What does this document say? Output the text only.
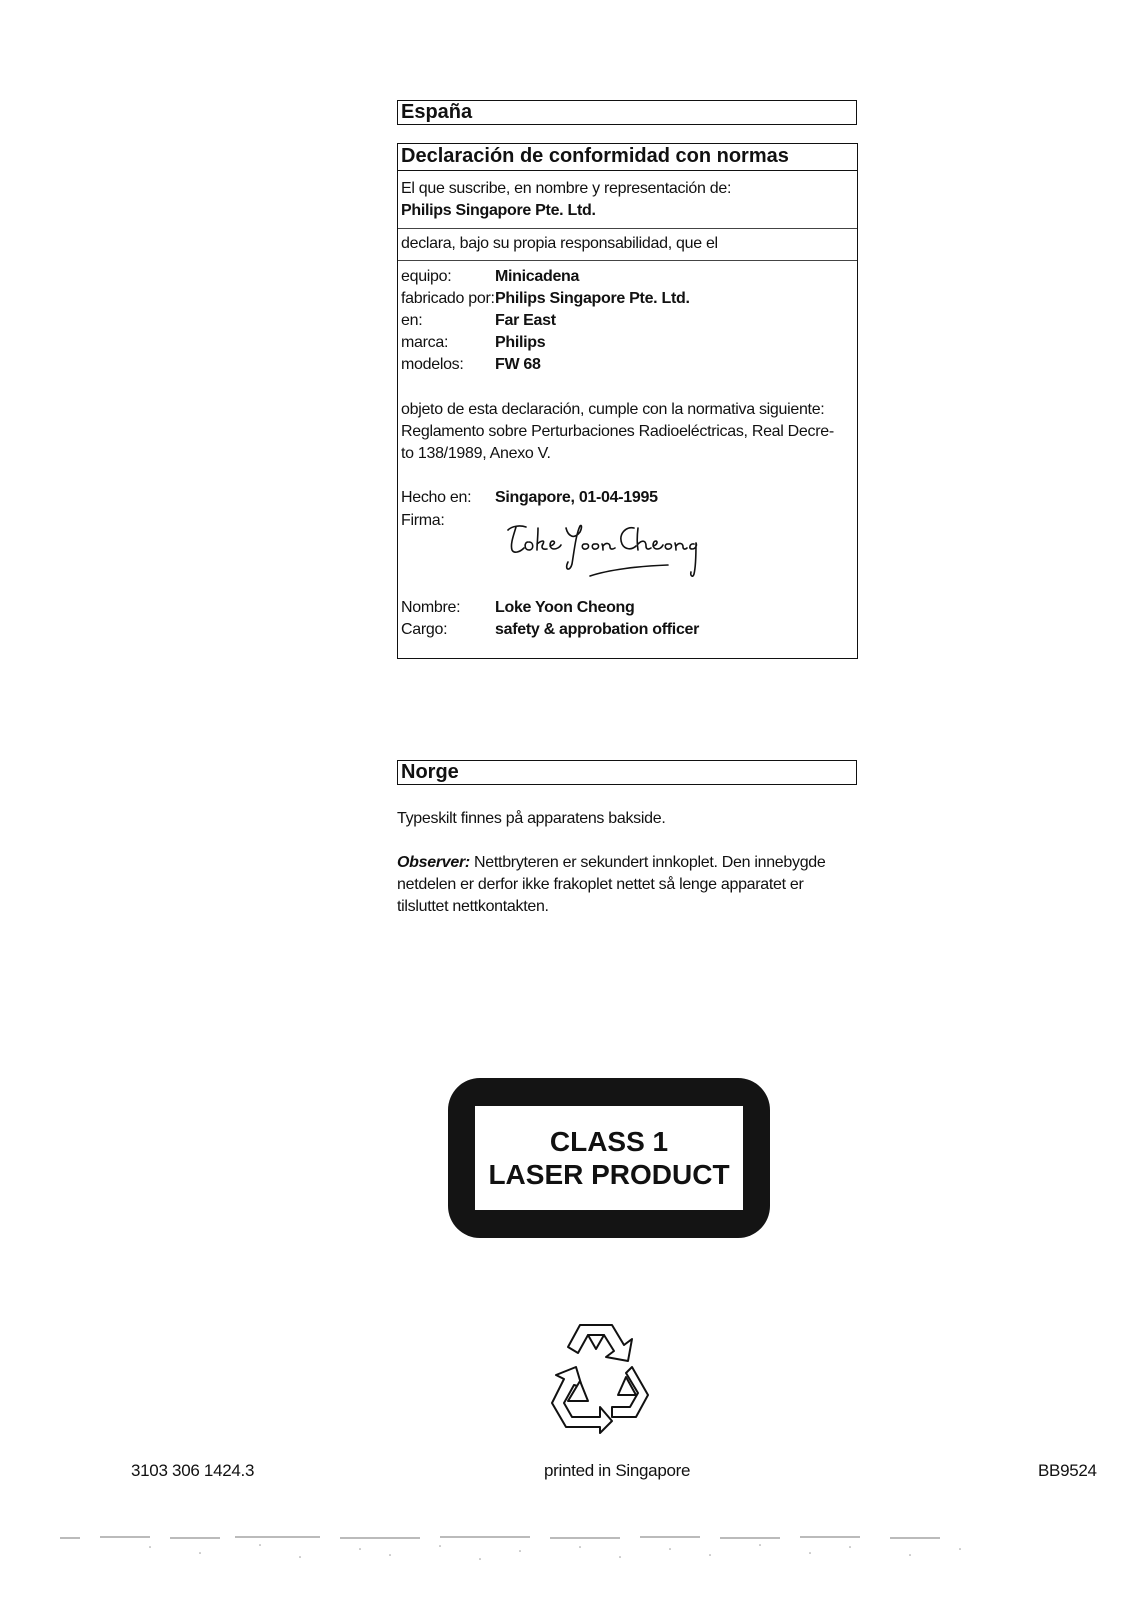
España
Declaración de conformidad con normas
El que suscribe, en nombre y representación de:
Philips Singapore Pte. Ltd.
declara, bajo su propia responsabilidad, que el
equipo:	Minicadena
fabricado por: Philips Singapore Pte. Ltd.
en:	Far East
marca:	Philips
modelos: FW 68
objeto de esta declaración, cumple con la normativa siguiente:
Reglamento sobre Perturbaciones Radioeléctricas, Real Decre-
to 138/1989, Anexo V.
Hecho en: Singapore, 01-04-1995
Firma:
Nombre: Loke Yoon Cheong
Cargo:	safety & approbation officer
Norge
Typeskilt finnes på apparatens bakside.
Observer: Nettbryteren er sekundert innkoplet. Den innebygde
netdelen er derfor ikke frakoplet nettet så lenge apparatet er
tilsluttet nettkontakten.
CLASS 1
LASER PRODUCT
3103 306 1424.3	printed in Singapore	BB9524
